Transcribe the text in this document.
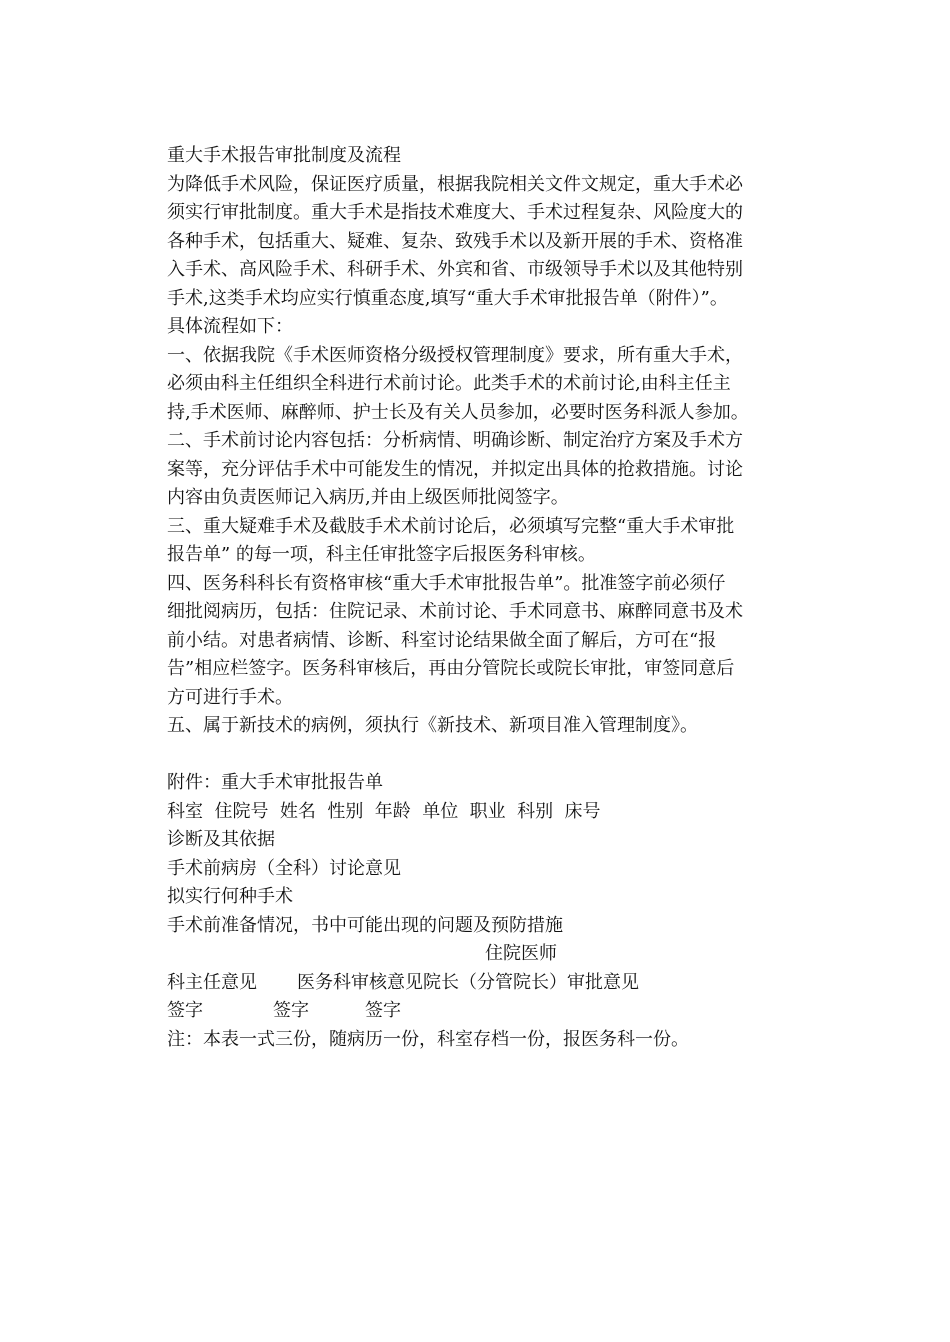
重大手术报告审批制度及流程

为降低手术风险，保证医疗质量，根据我院相关文件文规定，重大手术必

须实行审批制度。重大手术是指技术难度大、手术过程复杂、风险度大的

各种手术，包括重大、疑难、复杂、致残手术以及新开展的手术、资格准

入手术、高风险手术、科研手术、外宾和省、市级领导手术以及其他特别

手术,这类手术均应实行慎重态度,填写“重大手术审批报告单（附件）”。

具体流程如下：

一、依据我院《手术医师资格分级授权管理制度》要求，所有重大手术，

必须由科主任组织全科进行术前讨论。此类手术的术前讨论,由科主任主

持,手术医师、麻醉师、护士长及有关人员参加，必要时医务科派人参加。

二、手术前讨论内容包括：分析病情、明确诊断、制定治疗方案及手术方

案等，充分评估手术中可能发生的情况，并拟定出具体的抢救措施。讨论

内容由负责医师记入病历,并由上级医师批阅签字。

三、重大疑难手术及截肢手术术前讨论后，必须填写完整“重大手术审批

报告单” 的每一项，科主任审批签字后报医务科审核。

四、医务科科长有资格审核“重大手术审批报告单”。批准签字前必须仔

细批阅病历，包括：住院记录、术前讨论、手术同意书、麻醉同意书及术

前小结。对患者病情、诊断、科室讨论结果做全面了解后，方可在“报

告”相应栏签字。医务科审核后，再由分管院长或院长审批，审签同意后

方可进行手术。

五、属于新技术的病例，须执行《新技术、新项目准入管理制度》。

附件：重大手术审批报告单

科室  住院号  姓名  性别  年龄  单位  职业  科别  床号

诊断及其依据

手术前病房（全科）讨论意见

拟实行何种手术

手术前准备情况，书中可能出现的问题及预防措施

住院医师

科主任意见 医务科审核意见院长（分管院长）审批意见

签字	签字	签字

注：本表一式三份，随病历一份，科室存档一份，报医务科一份。
